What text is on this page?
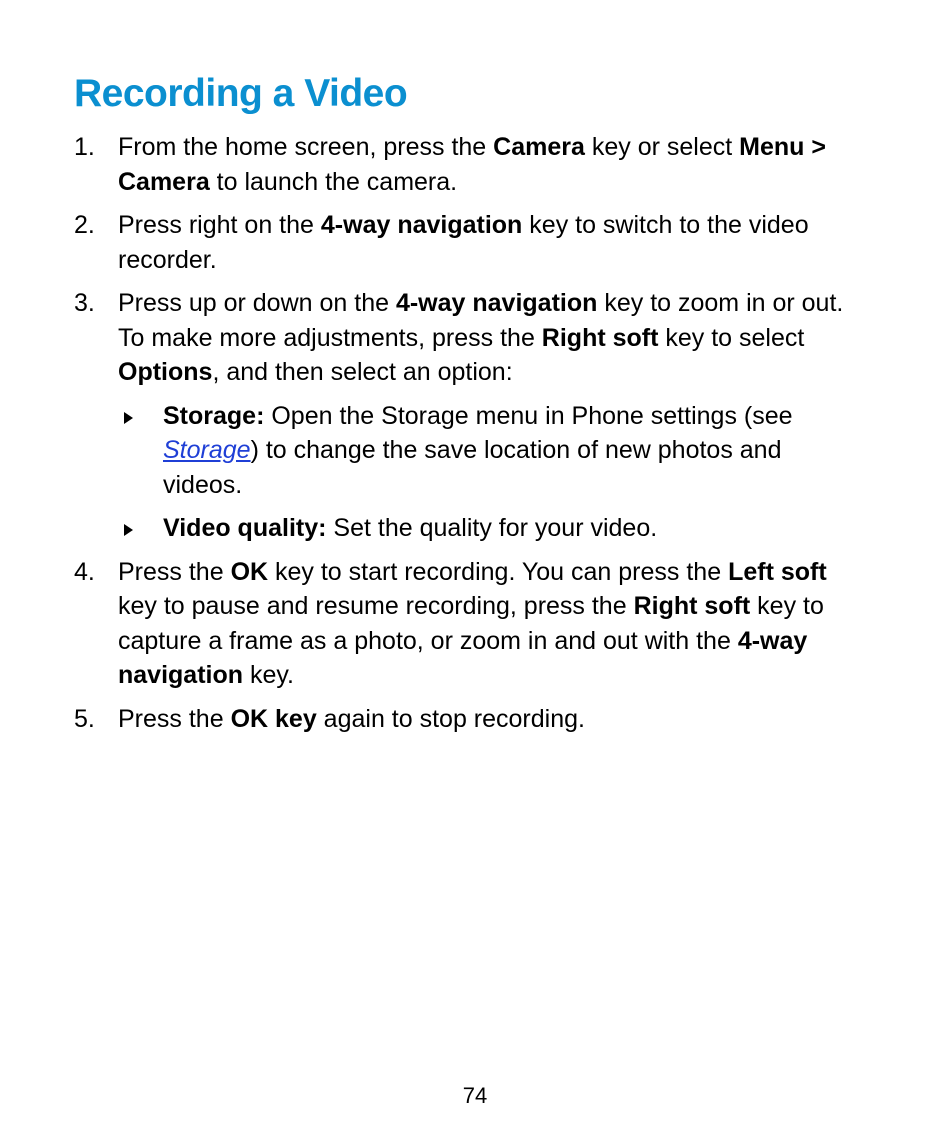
Recording a Video
1. From the home screen, press the Camera key or select Menu > Camera to launch the camera.
2. Press right on the 4-way navigation key to switch to the video recorder.
3. Press up or down on the 4-way navigation key to zoom in or out. To make more adjustments, press the Right soft key to select Options, and then select an option:
Storage: Open the Storage menu in Phone settings (see Storage) to change the save location of new photos and videos.
Video quality: Set the quality for your video.
4. Press the OK key to start recording. You can press the Left soft key to pause and resume recording, press the Right soft key to capture a frame as a photo, or zoom in and out with the 4-way navigation key.
5. Press the OK key again to stop recording.
74
